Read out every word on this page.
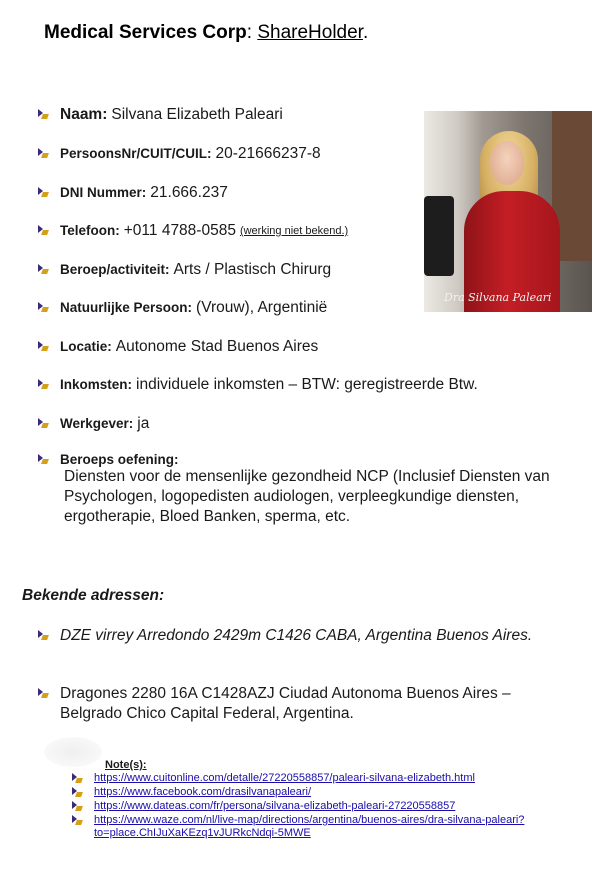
Medical Services Corp: ShareHolder.
Naam: Silvana Elizabeth Paleari
PersoonsNr/CUIT/CUIL: 20-21666237-8
DNI Nummer: 21.666.237
Telefoon: +011 4788-0585 (werking niet bekend.)
Beroep/activiteit: Arts / Plastisch Chirurg
Natuurlijke Persoon: (Vrouw), Argentinië
Locatie: Autonome Stad Buenos Aires
Inkomsten: individuele inkomsten – BTW: geregistreerde Btw.
Werkgever: ja
Beroeps oefening:
Diensten voor de mensenlijke gezondheid NCP (Inclusief Diensten van Psychologen, logopedisten audiologen, verpleegkundige diensten, ergotherapie, Bloed Banken, sperma, etc.
Dra Silvana Paleari
Bekende adressen:
DZE virrey Arredondo 2429m C1426 CABA, Argentina Buenos Aires.
Dragones 2280 16A C1428AZJ Ciudad Autonoma Buenos Aires – Belgrado Chico Capital Federal, Argentina.
Note(s):
https://www.cuitonline.com/detalle/27220558857/paleari-silvana-elizabeth.html
https://www.facebook.com/drasilvanapaleari/
https://www.dateas.com/fr/persona/silvana-elizabeth-paleari-27220558857
https://www.waze.com/nl/live-map/directions/argentina/buenos-aires/dra-silvana-paleari?to=place.ChIJuXaKEzq1vJURkcNdqi-5MWE
